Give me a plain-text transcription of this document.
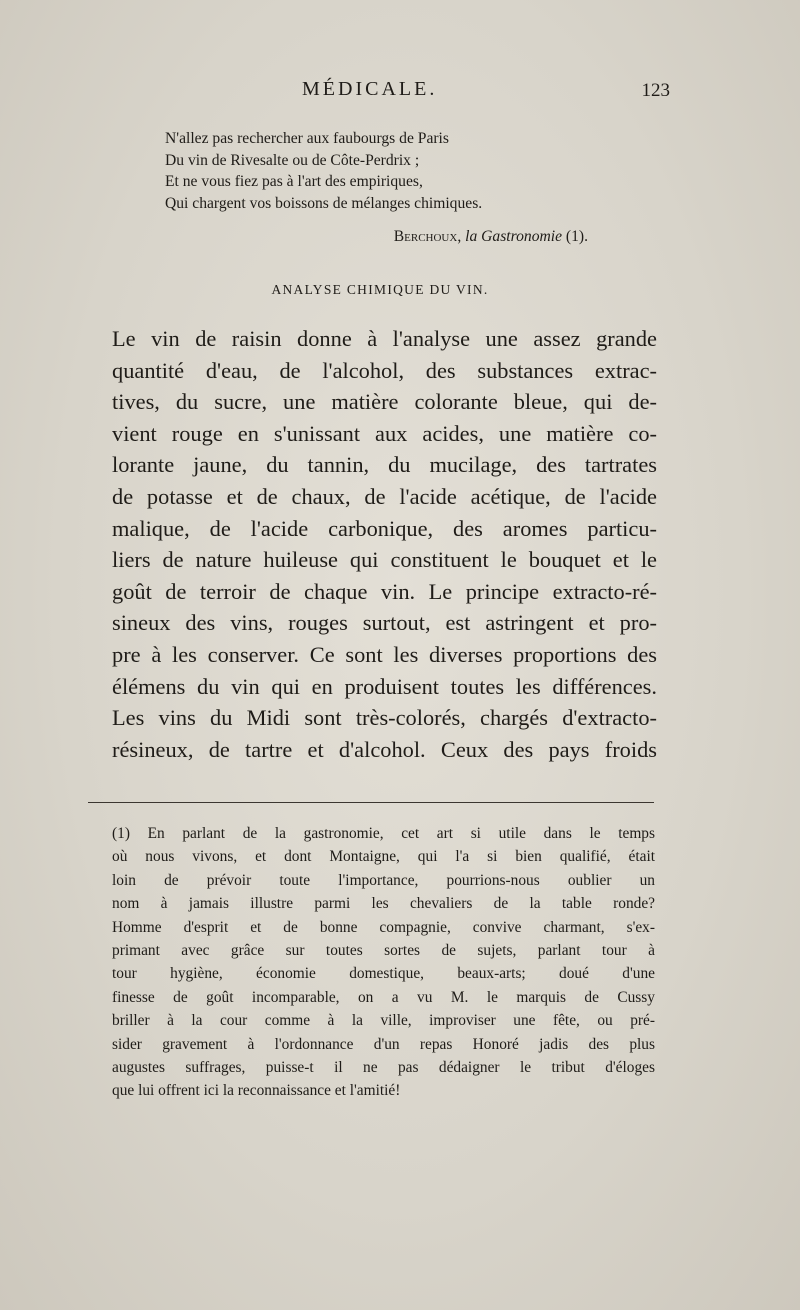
MÉDICALE.	123
N'allez pas rechercher aux faubourgs de Paris
Du vin de Rivesalte ou de Côte-Perdrix ;
Et ne vous fiez pas à l'art des empiriques,
Qui chargent vos boissons de mélanges chimiques.
Berchoux, la Gastronomie (1).
ANALYSE CHIMIQUE DU VIN.
Le vin de raisin donne à l'analyse une assez grande
quantité d'eau, de l'alcohol, des substances extrac-
tives, du sucre, une matière colorante bleue, qui de-
vient rouge en s'unissant aux acides, une matière co-
lorante jaune, du tannin, du mucilage, des tartrates
de potasse et de chaux, de l'acide acétique, de l'acide
malique, de l'acide carbonique, des aromes particu-
liers de nature huileuse qui constituent le bouquet et le
goût de terroir de chaque vin. Le principe extracto-ré-
sineux des vins, rouges surtout, est astringent et pro-
pre à les conserver. Ce sont les diverses proportions des
élémens du vin qui en produisent toutes les différences.
Les vins du Midi sont très-colorés, chargés d'extracto-
résineux, de tartre et d'alcohol. Ceux des pays froids
(1) En parlant de la gastronomie, cet art si utile dans le temps
où nous vivons, et dont Montaigne, qui l'a si bien qualifié, était
loin de prévoir toute l'importance, pourrions-nous oublier un
nom à jamais illustre parmi les chevaliers de la table ronde?
Homme d'esprit et de bonne compagnie, convive charmant, s'ex-
primant avec grâce sur toutes sortes de sujets, parlant tour à
tour hygiène, économie domestique, beaux-arts; doué d'une
finesse de goût incomparable, on a vu M. le marquis de Cussy
briller à la cour comme à la ville, improviser une fête, ou pré-
sider gravement à l'ordonnance d'un repas Honoré jadis des plus
augustes suffrages, puisse-t il ne pas dédaigner le tribut d'éloges
que lui offrent ici la reconnaissance et l'amitié!
